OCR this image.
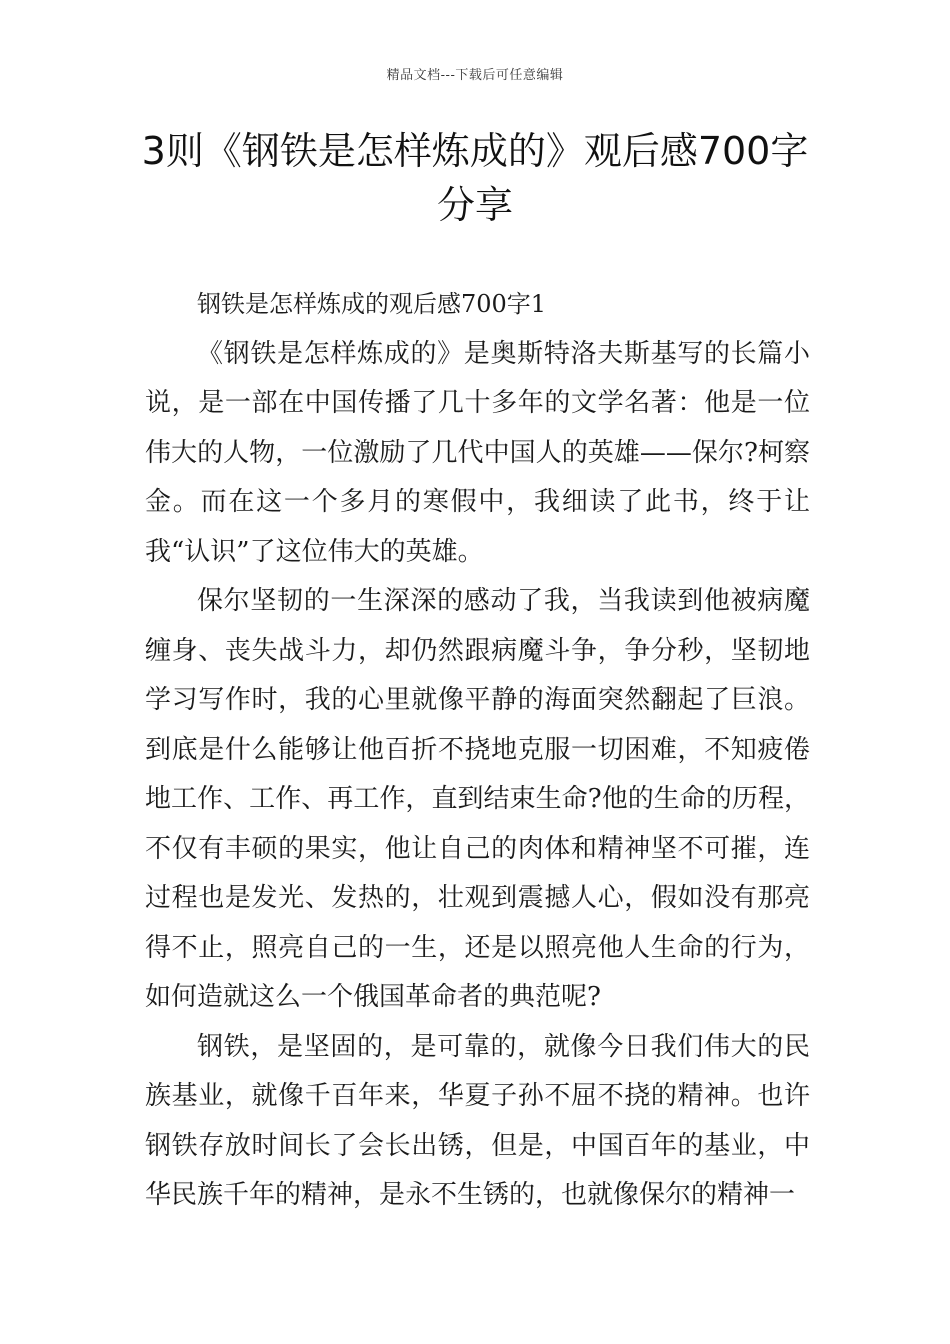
精品文档---下载后可任意编辑
3则《钢铁是怎样炼成的》观后感700字分享

钢铁是怎样炼成的观后感700字1

《钢铁是怎样炼成的》是奥斯特洛夫斯基写的长篇小说，是一部在中国传播了几十多年的文学名著：他是一位伟大的人物，一位激励了几代中国人的英雄——保尔?柯察金。而在这一个多月的寒假中，我细读了此书，终于让我“认识”了这位伟大的英雄。

保尔坚韧的一生深深的感动了我，当我读到他被病魔缠身、丧失战斗力，却仍然跟病魔斗争，争分秒，坚韧地学习写作时，我的心里就像平静的海面突然翻起了巨浪。到底是什么能够让他百折不挠地克服一切困难，不知疲倦地工作、工作、再工作，直到结束生命?他的生命的历程，不仅有丰硕的果实，他让自己的肉体和精神坚不可摧，连过程也是发光、发热的，壮观到震撼人心，假如没有那亮得不止，照亮自己的一生，还是以照亮他人生命的行为，如何造就这么一个俄国革命者的典范呢?

钢铁，是坚固的，是可靠的，就像今日我们伟大的民族基业，就像千百年来，华夏子孙不屈不挠的精神。也许钢铁存放时间长了会长出锈，但是，中国百年的基业，中华民族千年的精神，是永不生锈的，也就像保尔的精神一
